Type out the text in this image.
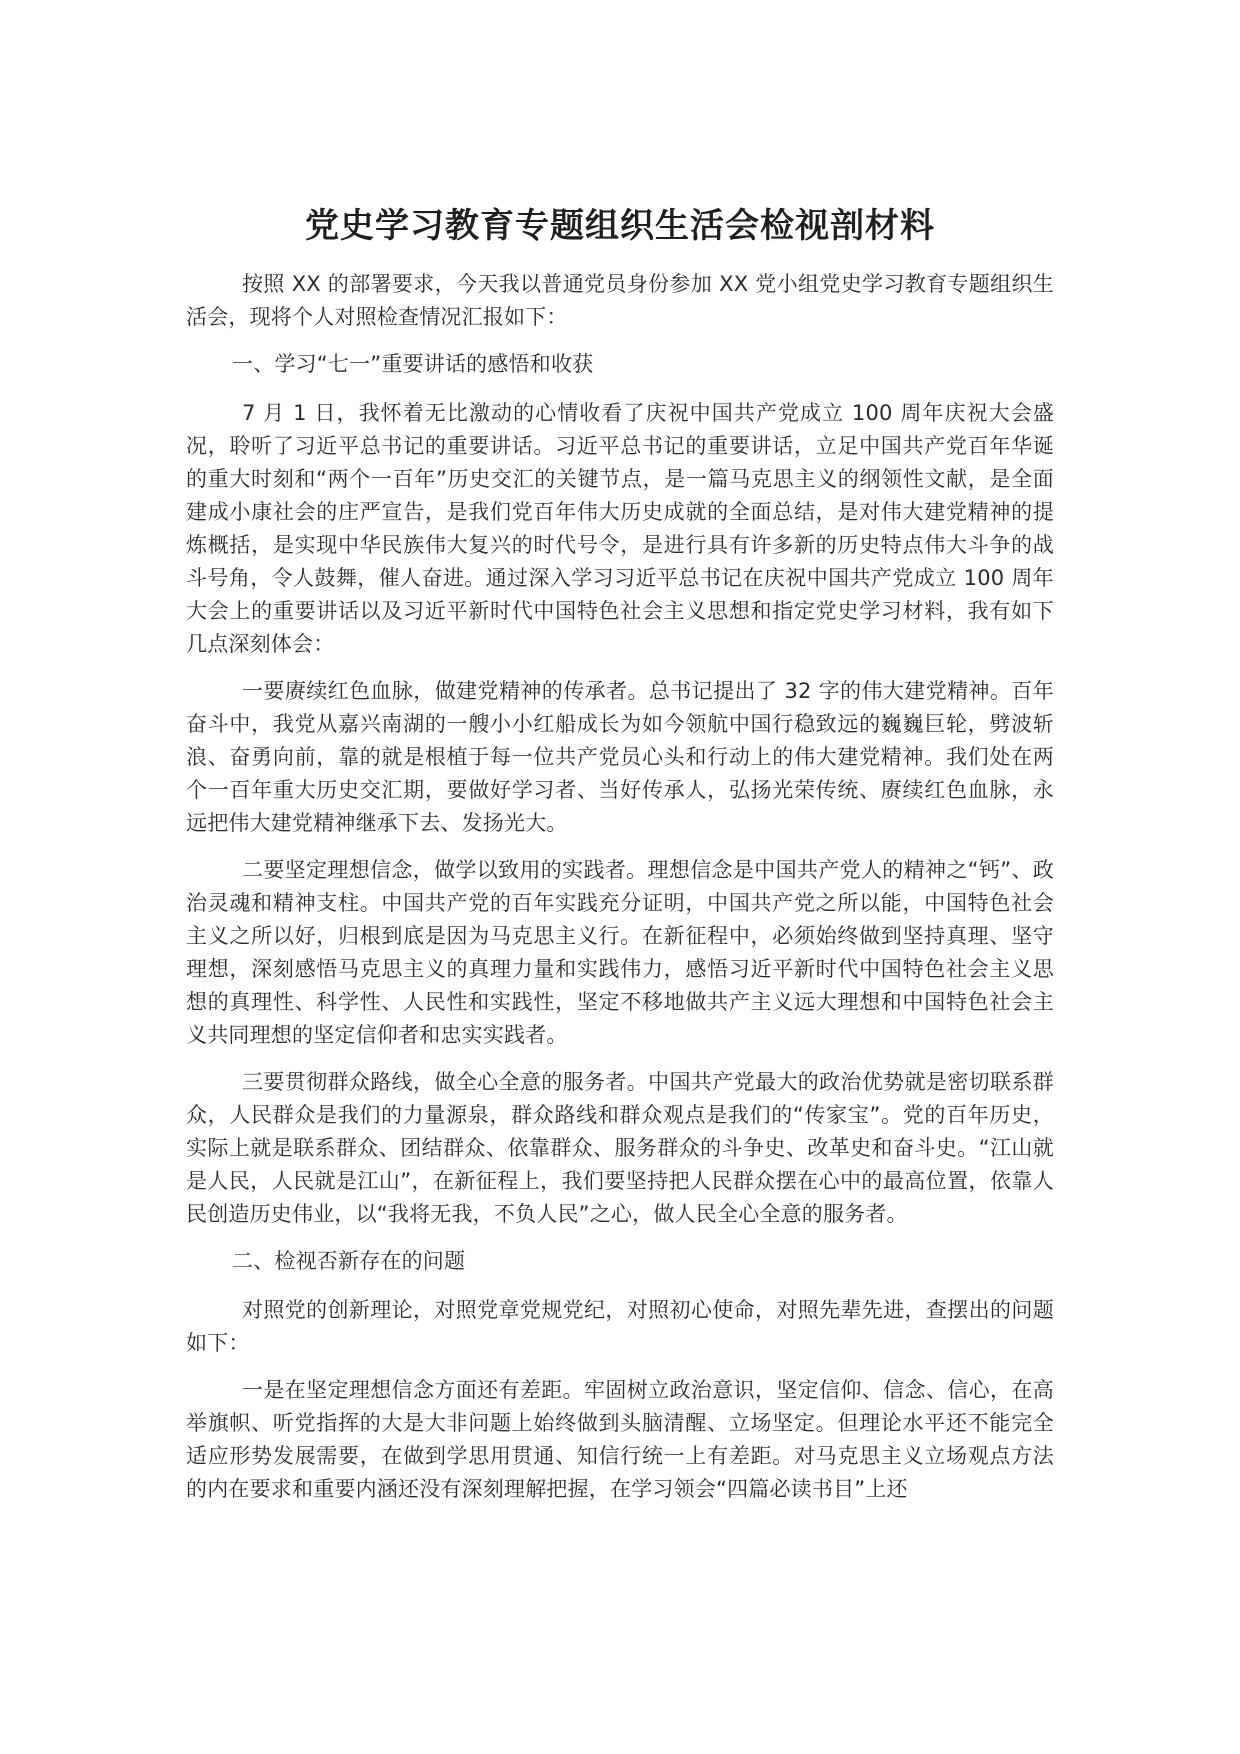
党史学习教育专题组织生活会检视剖材料

按照 XX 的部署要求，今天我以普通党员身份参加 XX 党小组党史学习教育专题组织生活会，现将个人对照检查情况汇报如下：

一、学习“七一”重要讲话的感悟和收获

7 月 1 日，我怀着无比激动的心情收看了庆祝中国共产党成立 100 周年庆祝大会盛况，聆听了习近平总书记的重要讲话。习近平总书记的重要讲话，立足中国共产党百年华诞的重大时刻和“两个一百年”历史交汇的关键节点，是一篇马克思主义的纲领性文献，是全面建成小康社会的庄严宣告，是我们党百年伟大历史成就的全面总结，是对伟大建党精神的提炼概括，是实现中华民族伟大复兴的时代号令，是进行具有许多新的历史特点伟大斗争的战斗号角，令人鼓舞，催人奋进。通过深入学习习近平总书记在庆祝中国共产党成立 100 周年大会上的重要讲话以及习近平新时代中国特色社会主义思想和指定党史学习材料，我有如下几点深刻体会：

一要赓续红色血脉，做建党精神的传承者。总书记提出了 32 字的伟大建党精神。百年奋斗中，我党从嘉兴南湖的一艘小小红船成长为如今领航中国行稳致远的巍巍巨轮，劈波斩浪、奋勇向前，靠的就是根植于每一位共产党员心头和行动上的伟大建党精神。我们处在两个一百年重大历史交汇期，要做好学习者、当好传承人，弘扬光荣传统、赓续红色血脉，永远把伟大建党精神继承下去、发扬光大。

二要坚定理想信念，做学以致用的实践者。理想信念是中国共产党人的精神之“钙”、政治灵魂和精神支柱。中国共产党的百年实践充分证明，中国共产党之所以能，中国特色社会主义之所以好，归根到底是因为马克思主义行。在新征程中，必须始终做到坚持真理、坚守理想，深刻感悟马克思主义的真理力量和实践伟力，感悟习近平新时代中国特色社会主义思想的真理性、科学性、人民性和实践性，坚定不移地做共产主义远大理想和中国特色社会主义共同理想的坚定信仰者和忠实实践者。

三要贯彻群众路线，做全心全意的服务者。中国共产党最大的政治优势就是密切联系群众，人民群众是我们的力量源泉，群众路线和群众观点是我们的“传家宝”。党的百年历史，实际上就是联系群众、团结群众、依靠群众、服务群众的斗争史、改革史和奋斗史。“江山就是人民，人民就是江山”，在新征程上，我们要坚持把人民群众摆在心中的最高位置，依靠人民创造历史伟业，以“我将无我，不负人民”之心，做人民全心全意的服务者。

二、检视否新存在的问题

对照党的创新理论，对照党章党规党纪，对照初心使命，对照先辈先进，查摆出的问题如下：

一是在坚定理想信念方面还有差距。牢固树立政治意识，坚定信仰、信念、信心，在高举旗帜、听党指挥的大是大非问题上始终做到头脑清醒、立场坚定。但理论水平还不能完全适应形势发展需要，在做到学思用贯通、知信行统一上有差距。对马克思主义立场观点方法的内在要求和重要内涵还没有深刻理解把握，在学习领会“四篇必读书目”上还
